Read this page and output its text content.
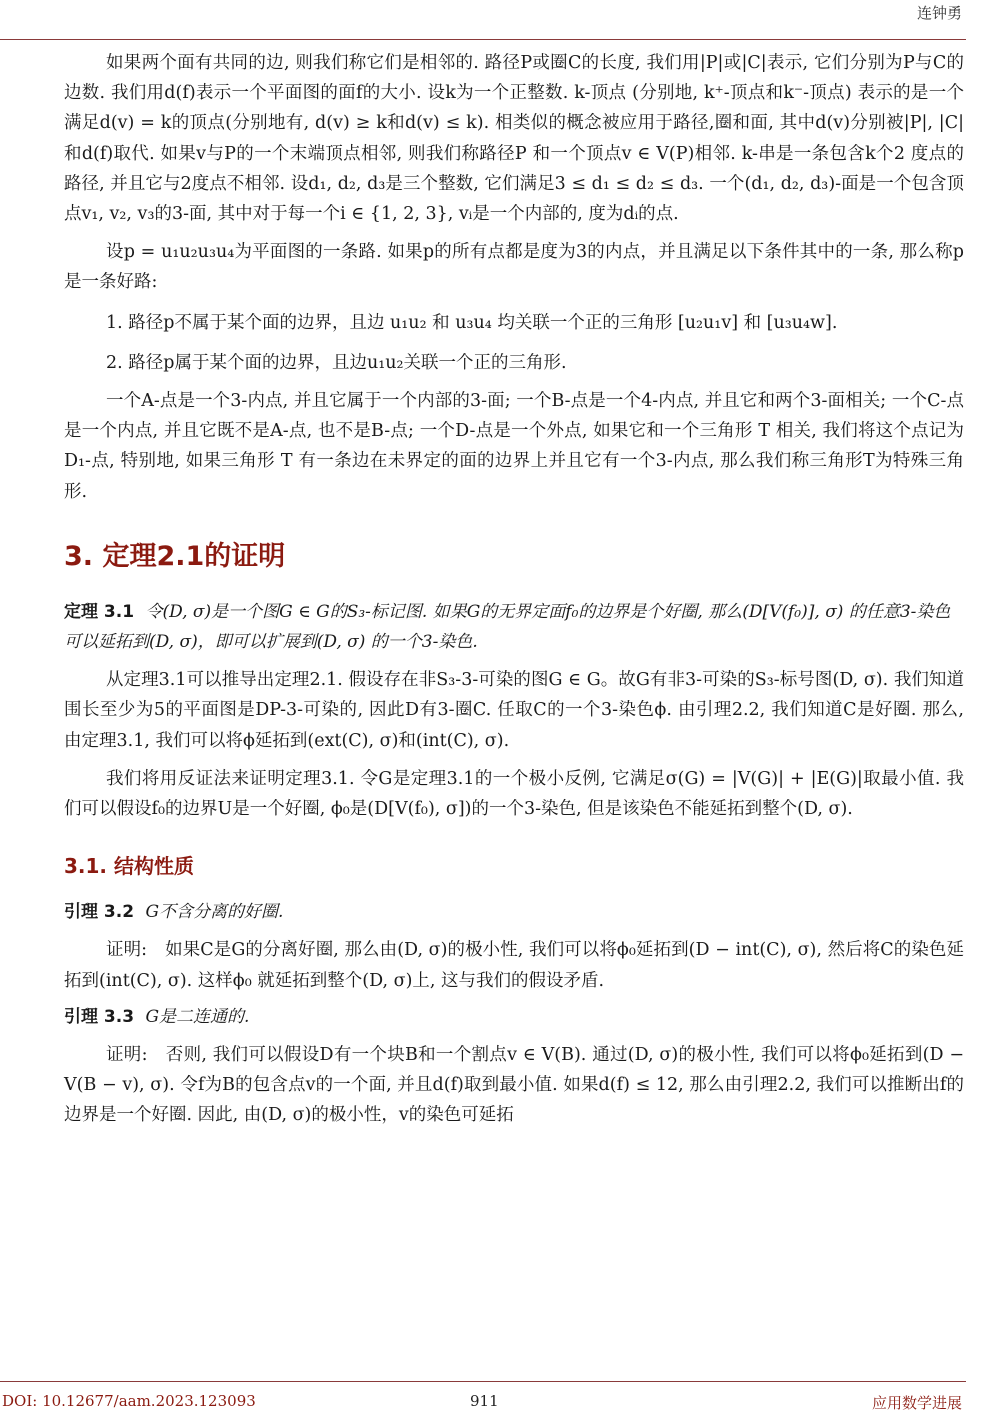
连钟勇

如果两个面有共同的边, 则我们称它们是相邻的. 路径P或圈C的长度, 我们用|P|或|C|表示, 它们分别为P与C的边数. 我们用d(f)表示一个平面图的面f的大小. 设k为一个正整数. k-顶点 (分别地, k⁺-顶点和k⁻-顶点) 表示的是一个满足d(v) = k的顶点(分别地有, d(v) ≥ k和d(v) ≤ k). 相类似的概念被应用于路径,圈和面, 其中d(v)分别被|P|, |C| 和d(f)取代. 如果v与P的一个末端顶点相邻, 则我们称路径P 和一个顶点v ∈ V(P)相邻. k-串是一条包含k个2 度点的路径, 并且它与2度点不相邻. 设d₁, d₂, d₃是三个整数, 它们满足3 ≤ d₁ ≤ d₂ ≤ d₃. 一个(d₁, d₂, d₃)-面是一个包含顶点v₁, v₂, v₃的3-面, 其中对于每一个i ∈ {1, 2, 3}, vᵢ是一个内部的, 度为dᵢ的点.

设p = u₁u₂u₃u₄为平面图的一条路. 如果p的所有点都是度为3的内点，并且满足以下条件其中的一条, 那么称p是一条好路:

1. 路径p不属于某个面的边界，且边 u₁u₂ 和 u₃u₄ 均关联一个正的三角形 [u₂u₁v] 和 [u₃u₄w].
2. 路径p属于某个面的边界，且边u₁u₂关联一个正的三角形.

一个A-点是一个3-内点, 并且它属于一个内部的3-面; 一个B-点是一个4-内点, 并且它和两个3-面相关; 一个C-点是一个内点, 并且它既不是A-点, 也不是B-点; 一个D-点是一个外点, 如果它和一个三角形 T 相关, 我们将这个点记为D₁-点, 特别地, 如果三角形 T 有一条边在未界定的面的边界上并且它有一个3-内点, 那么我们称三角形T为特殊三角形.

3. 定理2.1的证明
定理 3.1 令(D, σ)是一个图G ∈ G的S₃-标记图. 如果G的无界定面f₀的边界是个好圈, 那么(D[V(f₀)], σ) 的任意3-染色可以延拓到(D, σ)，即可以扩展到(D, σ) 的一个3-染色.

从定理3.1可以推导出定理2.1. 假设存在非S₃-3-可染的图G ∈ G。故G有非3-可染的S₃-标号图(D, σ). 我们知道围长至少为5的平面图是DP-3-可染的, 因此D有3-圈C. 任取C的一个3-染色ϕ. 由引理2.2, 我们知道C是好圈. 那么, 由定理3.1, 我们可以将ϕ延拓到(ext(C), σ)和(int(C), σ).

我们将用反证法来证明定理3.1. 令G是定理3.1的一个极小反例, 它满足σ(G) = |V(G)| + |E(G)|取最小值. 我们可以假设f₀的边界U是一个好圈, ϕ₀是(D[V(f₀), σ])的一个3-染色, 但是该染色不能延拓到整个(D, σ).

3.1. 结构性质
引理 3.2 G不含分离的好圈.

证明: 如果C是G的分离好圈, 那么由(D, σ)的极小性, 我们可以将ϕ₀延拓到(D − int(C), σ), 然后将C的染色延拓到(int(C), σ). 这样ϕ₀ 就延拓到整个(D, σ)上, 这与我们的假设矛盾.

引理 3.3 G是二连通的.

证明: 否则, 我们可以假设D有一个块B和一个割点v ∈ V(B). 通过(D, σ)的极小性, 我们可以将ϕ₀延拓到(D − V(B − v), σ). 令f为B的包含点v的一个面, 并且d(f)取到最小值. 如果d(f) ≤ 12, 那么由引理2.2, 我们可以推断出f的边界是一个好圈. 因此, 由(D, σ)的极小性，v的染色可延拓

DOI: 10.12677/aam.2023.123093	911	应用数学进展
